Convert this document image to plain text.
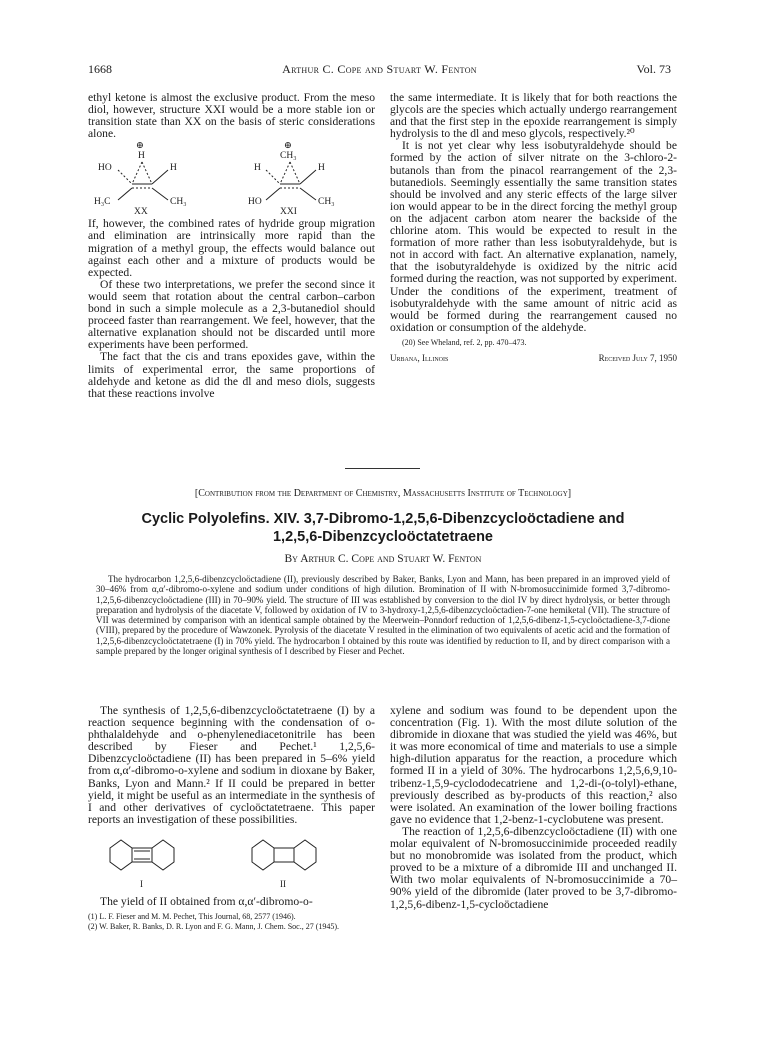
1668	Arthur C. Cope and Stuart W. Fenton	Vol. 73

ethyl ketone is almost the exclusive product. From the meso diol, however, structure XXI would be a more stable ion or transition state than XX on the basis of steric considerations alone.

⊕
H
HO	H
H₃C	CH₃
XX
⊕
CH₃
H	H
HO	CH₃
XXI

If, however, the combined rates of hydride group migration and elimination are intrinsically more rapid than the migration of a methyl group, the effects would balance out against each other and a mixture of products would be expected.

Of these two interpretations, we prefer the second since it would seem that rotation about the central carbon–carbon bond in such a simple molecule as a 2,3-butanediol should proceed faster than rearrangement. We feel, however, that the alternative explanation should not be discarded until more experiments have been performed.

The fact that the cis and trans epoxides gave, within the limits of experimental error, the same proportions of aldehyde and ketone as did the dl and meso diols, suggests that these reactions involve

the same intermediate. It is likely that for both reactions the glycols are the species which actually undergo rearrangement and that the first step in the epoxide rearrangement is simply hydrolysis to the dl and meso glycols, respectively.²⁰

It is not yet clear why less isobutyraldehyde should be formed by the action of silver nitrate on the 3-chloro-2-butanols than from the pinacol rearrangement of the 2,3-butanediols. Seemingly essentially the same transition states should be involved and any steric effects of the large silver ion would appear to be in the direct forcing the methyl group on the adjacent carbon atom nearer the backside of the chlorine atom. This would be expected to result in the formation of more rather than less isobutyraldehyde, but is not in accord with fact. An alternative explanation, namely, that the isobutyraldehyde is oxidized by the nitric acid formed during the reaction, was not supported by experiment. Under the conditions of the experiment, treatment of isobutyraldehyde with the same amount of nitric acid as would be formed during the rearrangement caused no oxidation or consumption of the aldehyde.

(20) See Wheland, ref. 2, pp. 470–473.

Urbana, Illinois	Received July 7, 1950
[Contribution from the Department of Chemistry, Massachusetts Institute of Technology]
Cyclic Polyolefins. XIV. 3,7-Dibromo-1,2,5,6-Dibenzcycloöctadiene and
1,2,5,6-Dibenzcycloöctatetraene
By Arthur C. Cope and Stuart W. Fenton
The hydrocarbon 1,2,5,6-dibenzcycloöctadiene (II), previously described by Baker, Banks, Lyon and Mann, has been prepared in an improved yield of 30–46% from α,α′-dibromo-o-xylene and sodium under conditions of high dilution. Bromination of II with N-bromosuccinimide formed 3,7-dibromo-1,2,5,6-dibenzcycloöctadiene (III) in 70–90% yield. The structure of III was established by conversion to the diol IV by direct hydrolysis, or better through preparation and hydrolysis of the diacetate V, followed by oxidation of IV to 3-hydroxy-1,2,5,6-dibenzcycloöctadien-7-one hemiketal (VII). The structure of VII was determined by comparison with an identical sample obtained by the Meerwein–Ponndorf reduction of 1,2,5,6-dibenz-1,5-cycloöctadiene-3,7-dione (VIII), prepared by the procedure of Wawzonek. Pyrolysis of the diacetate V resulted in the elimination of two equivalents of acetic acid and the formation of 1,2,5,6-dibenzcycloöctatetraene (I) in 70% yield. The hydrocarbon I obtained by this route was identified by reduction to II, and by direct comparison with a sample prepared by the longer original synthesis of I described by Fieser and Pechet.

The synthesis of 1,2,5,6-dibenzcycloöctatetraene (I) by a reaction sequence beginning with the condensation of o-phthalaldehyde and o-phenylenediacetonitrile has been described by Fieser and Pechet.¹ 1,2,5,6-Dibenzcycloöctadiene (II) has been prepared in 5–6% yield from α,α′-dibromo-o-xylene and sodium in dioxane by Baker, Banks, Lyon and Mann.² If II could be prepared in better yield, it might be useful as an intermediate in the synthesis of I and other derivatives of cycloöctatetraene. This paper reports an investigation of these possibilities.

I	II

The yield of II obtained from α,α′-dibromo-o-

(1) L. F. Fieser and M. M. Pechet, This Journal, 68, 2577 (1946).

(2) W. Baker, R. Banks, D. R. Lyon and F. G. Mann, J. Chem. Soc., 27 (1945).

xylene and sodium was found to be dependent upon the concentration (Fig. 1). With the most dilute solution of the dibromide in dioxane that was studied the yield was 46%, but it was more economical of time and materials to use a simple high-dilution apparatus for the reaction, a procedure which formed II in a yield of 30%. The hydrocarbons 1,2,5,6,9,10-tribenz-1,5,9-cyclododecatriene and 1,2-di-(o-tolyl)-ethane, previously described as by-products of this reaction,² also were isolated. An examination of the lower boiling fractions gave no evidence that 1,2-benz-1-cyclobutene was present.

The reaction of 1,2,5,6-dibenzcycloöctadiene (II) with one molar equivalent of N-bromosuccinimide proceeded readily but no monobromide was isolated from the product, which proved to be a mixture of a dibromide III and unchanged II. With two molar equivalents of N-bromosuccinimide a 70–90% yield of the dibromide (later proved to be 3,7-dibromo-1,2,5,6-dibenz-1,5-cycloöctadiene
